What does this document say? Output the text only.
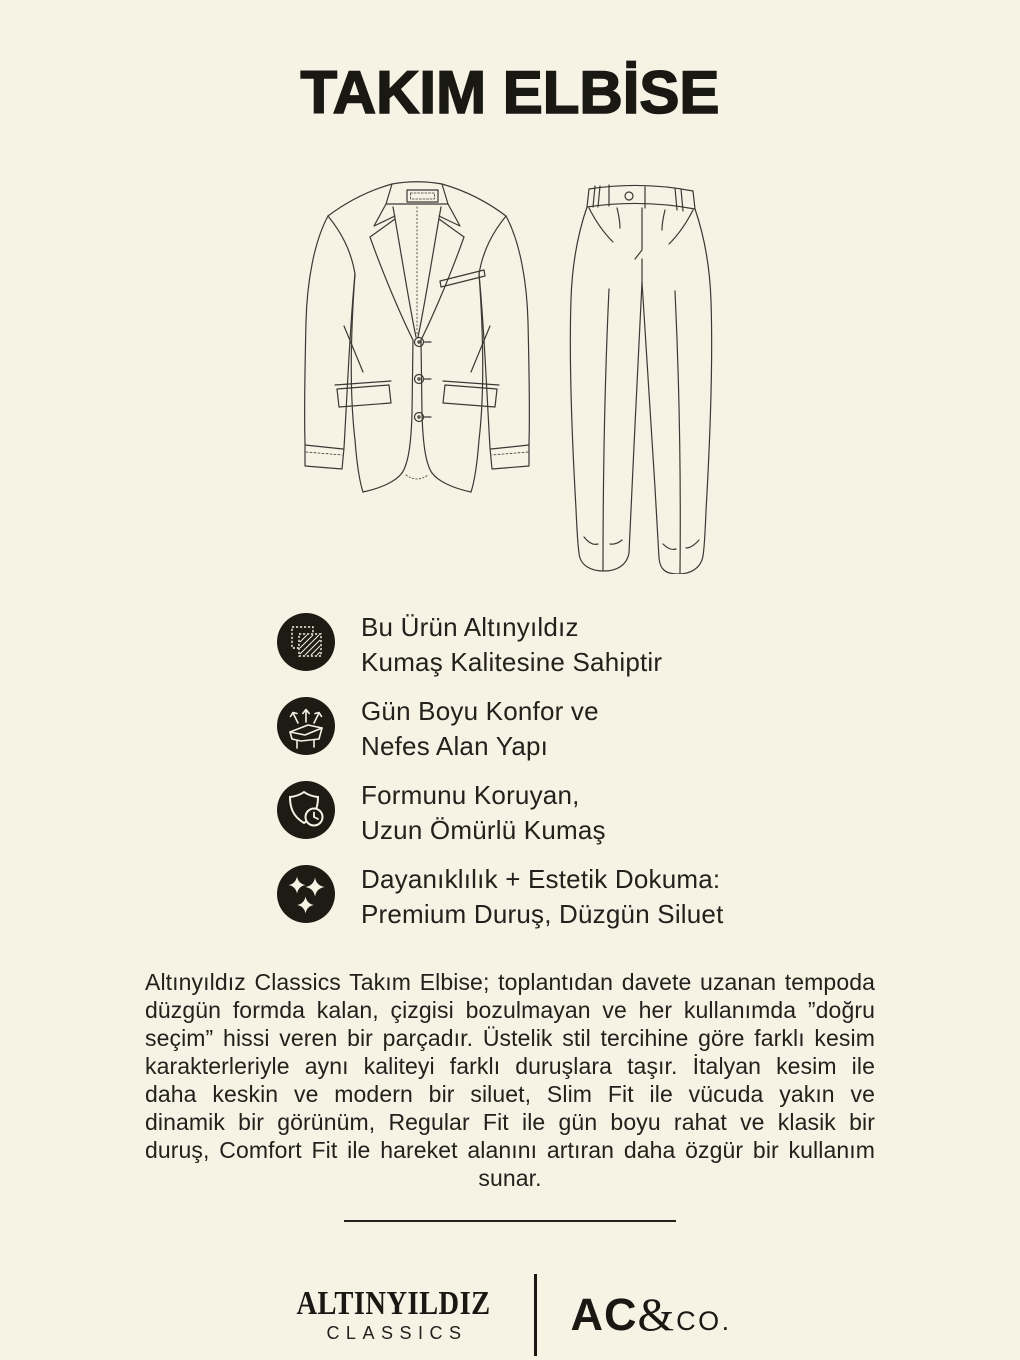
TAKIM ELBİSE

Bu Ürün Altınyıldız
Kumaş Kalitesine Sahiptir

Gün Boyu Konfor ve
Nefes Alan Yapı

Formunu Koruyan,
Uzun Ömürlü Kumaş

Dayanıklılık + Estetik Dokuma:
Premium Duruş, Düzgün Siluet

Altınyıldız Classics Takım Elbise; toplantıdan davete uzanan tempoda düzgün formda kalan, çizgisi bozulmayan ve her kullanımda ”doğru seçim” hissi veren bir parçadır. Üstelik stil tercihine göre farklı kesim karakterleriyle aynı kaliteyi farklı duruşlara taşır. İtalyan kesim ile daha keskin ve modern bir siluet, Slim Fit ile vücuda yakın ve dinamik bir görünüm, Regular Fit ile gün boyu rahat ve klasik bir duruş, Comfort Fit ile hareket alanını artıran daha özgür bir kullanım sunar.

ALTINYILDIZ
CLASSICS	AC & CO.
